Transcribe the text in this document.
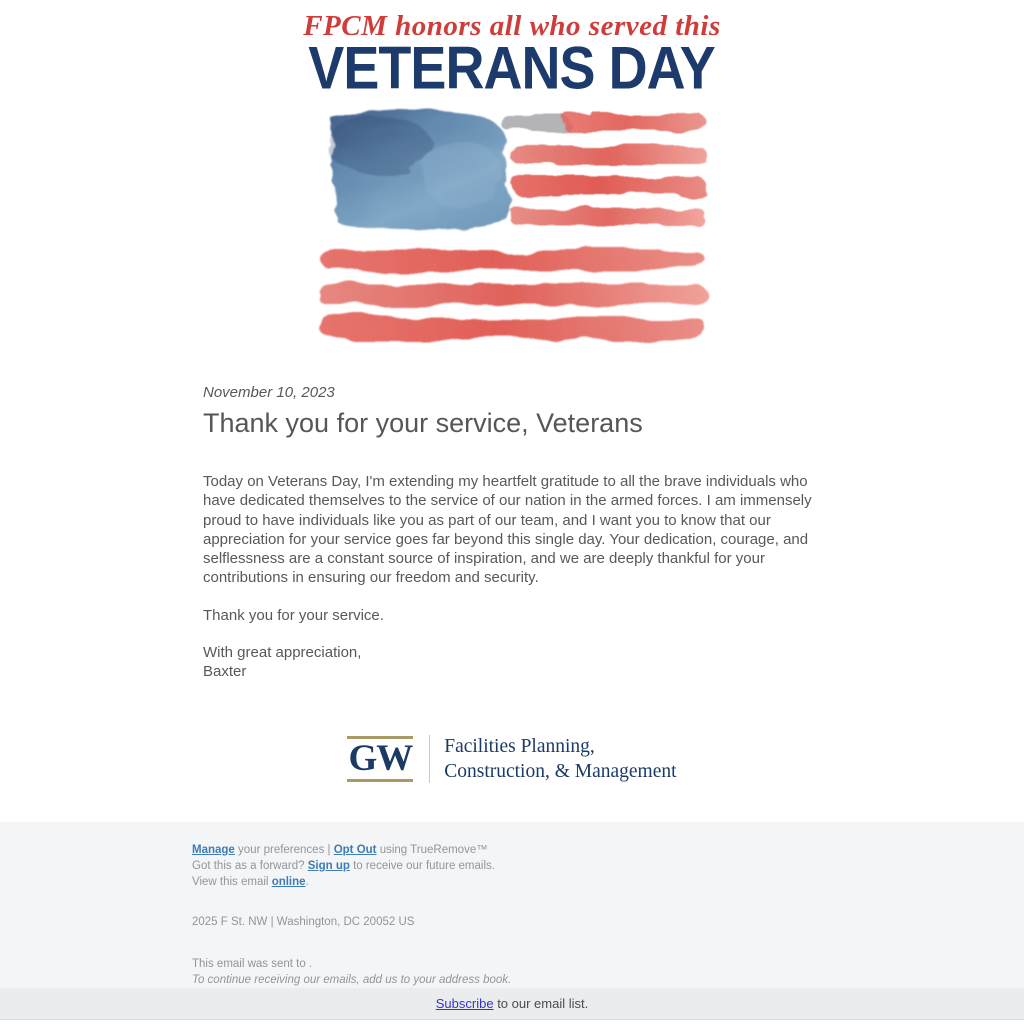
FPCM honors all who served this
VETERANS DAY

November 10, 2023

Thank you for your service, Veterans

Today on Veterans Day, I'm extending my heartfelt gratitude to all the brave individuals who have dedicated themselves to the service of our nation in the armed forces. I am immensely proud to have individuals like you as part of our team, and I want you to know that our appreciation for your service goes far beyond this single day. Your dedication, courage, and selflessness are a constant source of inspiration, and we are deeply thankful for your contributions in ensuring our freedom and security.

Thank you for your service.

With great appreciation,
Baxter

GW Facilities Planning,
Construction, & Management
Manage your preferences | Opt Out using TrueRemove™
Got this as a forward? Sign up to receive our future emails.
View this email online.
2025 F St. NW | Washington, DC 20052 US
This email was sent to .
To continue receiving our emails, add us to your address book.
Subscribe to our email list.
